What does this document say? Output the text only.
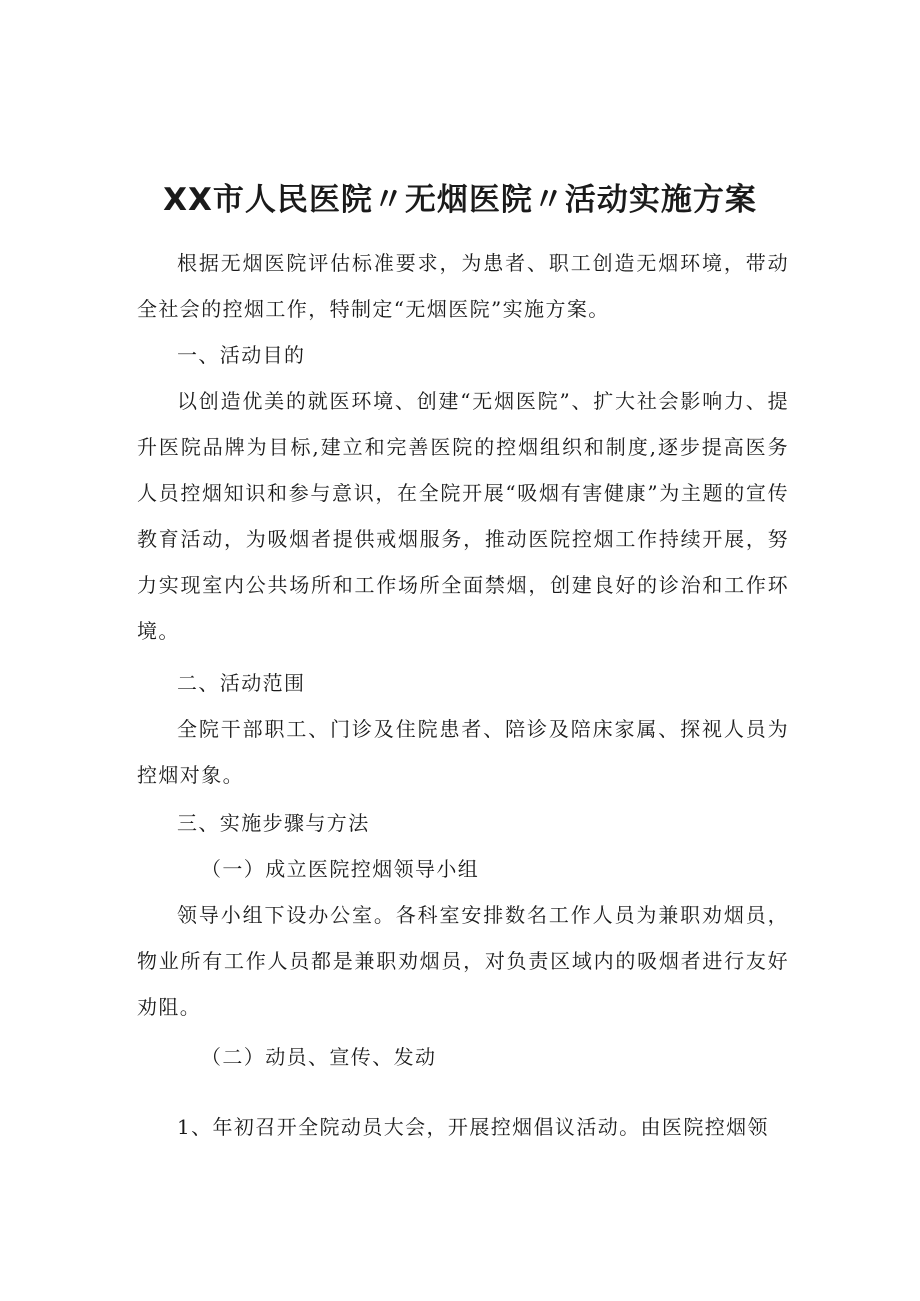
XX市人民医院〃无烟医院〃活动实施方案

根据无烟医院评估标准要求，为患者、职工创造无烟环境，带动全社会的控烟工作，特制定“无烟医院”实施方案。

一、活动目的

以创造优美的就医环境、创建“无烟医院”、扩大社会影响力、提升医院品牌为目标,建立和完善医院的控烟组织和制度,逐步提高医务人员控烟知识和参与意识，在全院开展“吸烟有害健康”为主题的宣传教育活动，为吸烟者提供戒烟服务，推动医院控烟工作持续开展，努力实现室内公共场所和工作场所全面禁烟，创建良好的诊治和工作环境。

二、活动范围

全院干部职工、门诊及住院患者、陪诊及陪床家属、探视人员为控烟对象。

三、实施步骤与方法

（一）成立医院控烟领导小组

领导小组下设办公室。各科室安排数名工作人员为兼职劝烟员，物业所有工作人员都是兼职劝烟员，对负责区域内的吸烟者进行友好劝阻。

（二）动员、宣传、发动

1、年初召开全院动员大会，开展控烟倡议活动。由医院控烟领
